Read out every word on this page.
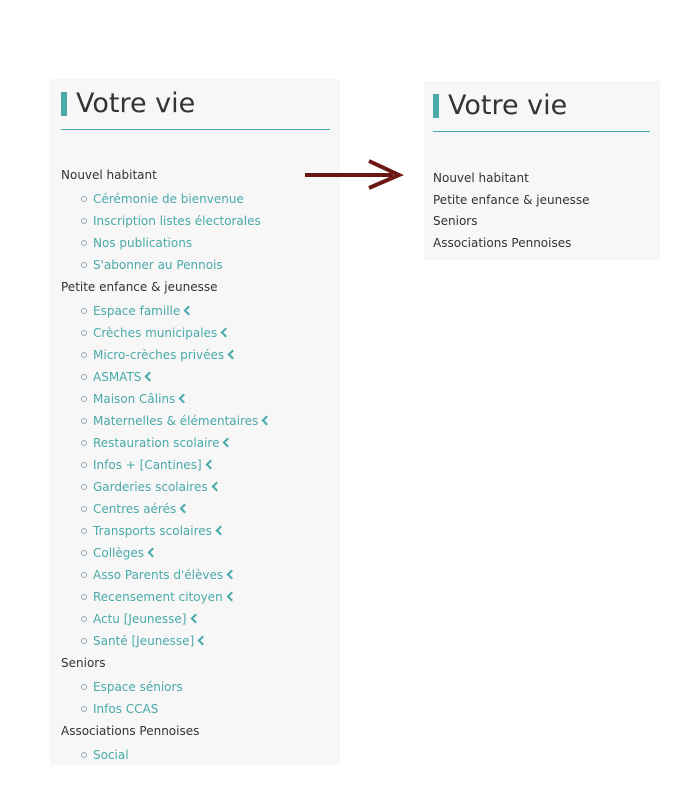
Votre vie
Nouvel habitant
Cérémonie de bienvenue
Inscription listes électorales
Nos publications
S'abonner au Pennois
Petite enfance & jeunesse
Espace famille
Crèches municipales
Micro-crèches privées
ASMATS
Maison Câlins
Maternelles & élémentaires
Restauration scolaire
Infos + [Cantines]
Garderies scolaires
Centres aérés
Transports scolaires
Collèges
Asso Parents d'élèves
Recensement citoyen
Actu [Jeunesse]
Santé [Jeunesse]
Seniors
Espace séniors
Infos CCAS
Associations Pennoises
Social
Votre vie
Nouvel habitant
Petite enfance & jeunesse
Seniors
Associations Pennoises
